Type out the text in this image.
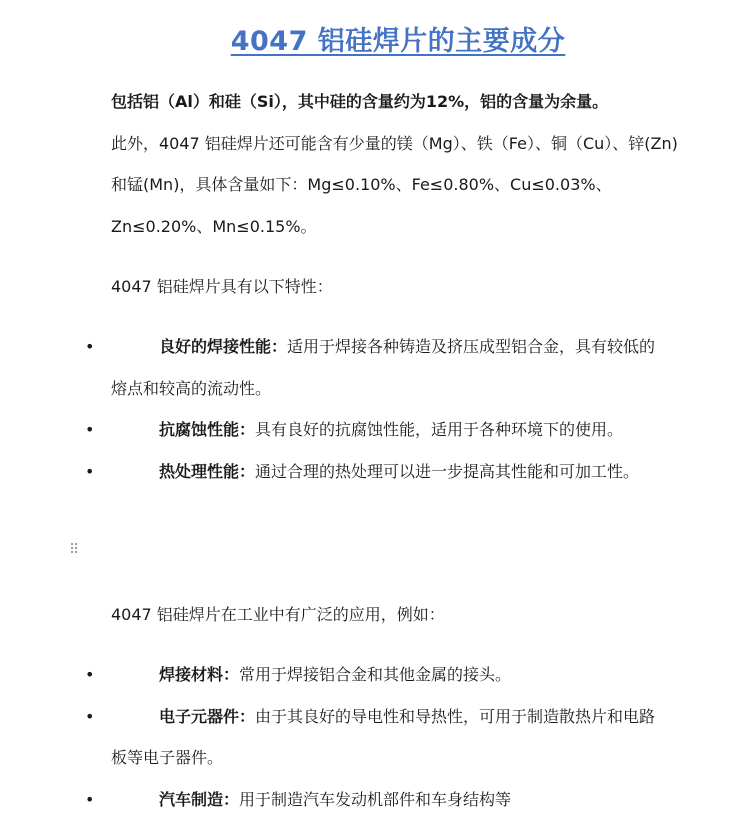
4047 铝硅焊片的主要成分
包括铝（Al）和硅（Si），其中硅的含量约为12%，铝的含量为余量。
此外，4047 铝硅焊片还可能含有少量的镁（Mg）、铁（Fe）、铜（Cu）、锌(Zn)和锰(Mn)，具体含量如下：Mg≤0.10%、Fe≤0.80%、Cu≤0.03%、Zn≤0.20%、Mn≤0.15%。
4047 铝硅焊片具有以下特性：
•	良好的焊接性能：适用于焊接各种铸造及挤压成型铝合金，具有较低的熔点和较高的流动性。
•	抗腐蚀性能：具有良好的抗腐蚀性能，适用于各种环境下的使用。
•	热处理性能：通过合理的热处理可以进一步提高其性能和可加工性。
⠿
4047 铝硅焊片在工业中有广泛的应用，例如：
•	焊接材料：常用于焊接铝合金和其他金属的接头。
•	电子元器件：由于其良好的导电性和导热性，可用于制造散热片和电路板等电子器件。
•	汽车制造：用于制造汽车发动机部件和车身结构等
